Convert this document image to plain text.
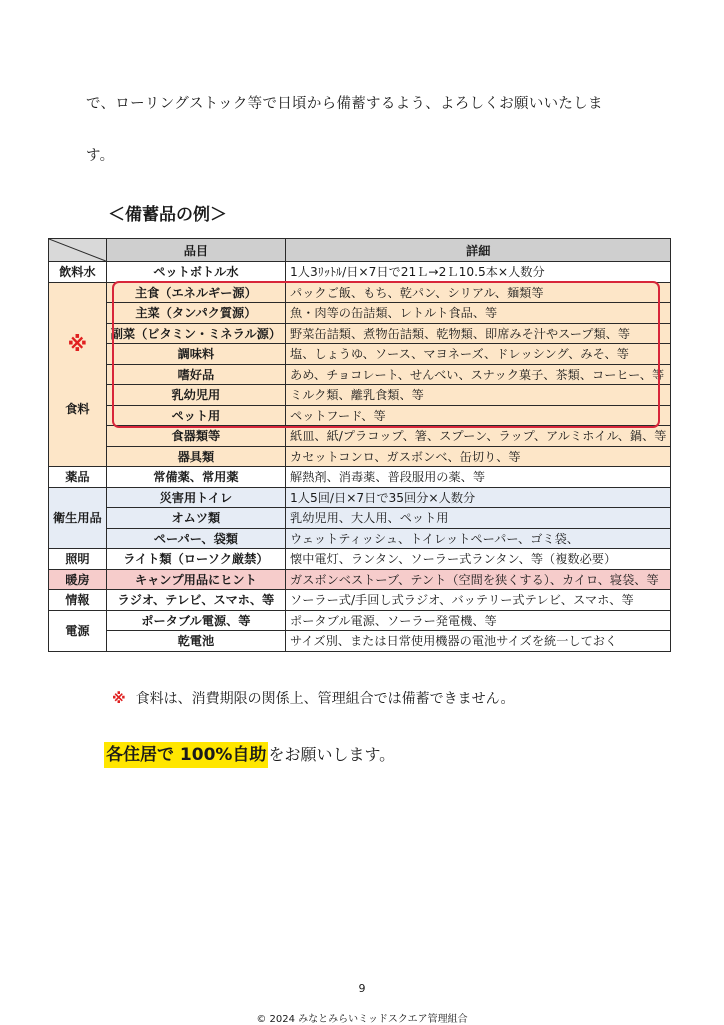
で、ローリングストック等で日頃から備蓄するよう、よろしくお願いいたしま
す。
＜備蓄品の例＞
	品目	詳細
飲料水	ペットボトル水	1人3ﾘｯﾄﾙ/日×7日で21Ｌ→2Ｌ10.5本×人数分

※
食料	主食（エネルギー源）	パックご飯、もち、乾パン、シリアル、麺類等
	主菜（タンパク質源）	魚・肉等の缶詰類、レトルト食品、等
	副菜（ビタミン・ミネラル源）	野菜缶詰類、煮物缶詰類、乾物類、即席みそ汁やスープ類、等
	調味料	塩、しょうゆ、ソース、マヨネーズ、ドレッシング、みそ、等
	嗜好品	あめ、チョコレート、せんべい、スナック菓子、茶類、コーヒー、等
	乳幼児用	ミルク類、離乳食類、等
	ペット用	ペットフード、等
	食器類等	紙皿、紙/プラコップ、箸、スプーン、ラップ、アルミホイル、鍋、等
	器具類	カセットコンロ、ガスボンベ、缶切り、等
薬品	常備薬、常用薬	解熱剤、消毒薬、普段服用の薬、等
衛生用品	災害用トイレ	1人5回/日×7日で35回分×人数分
	オムツ類	乳幼児用、大人用、ペット用
	ペーパー、袋類	ウェットティッシュ、トイレットペーパー、ゴミ袋、
照明	ライト類（ローソク厳禁）	懐中電灯、ランタン、ソーラー式ランタン、等（複数必要）
暖房	キャンプ用品にヒント	ガスボンベストーブ、テント（空間を狭くする）、カイロ、寝袋、等
情報	ラジオ、テレビ、スマホ、等	ソーラー式/手回し式ラジオ、バッテリー式テレビ、スマホ、等
電源	ポータブル電源、等	ポータブル電源、ソーラー発電機、等
	乾電池	サイズ別、または日常使用機器の電池サイズを統一しておく
※ 食料は、消費期限の関係上、管理組合では備蓄できません。
各住居で 100%自助 をお願いします。
9
© 2024 みなとみらいミッドスクエア管理組合
